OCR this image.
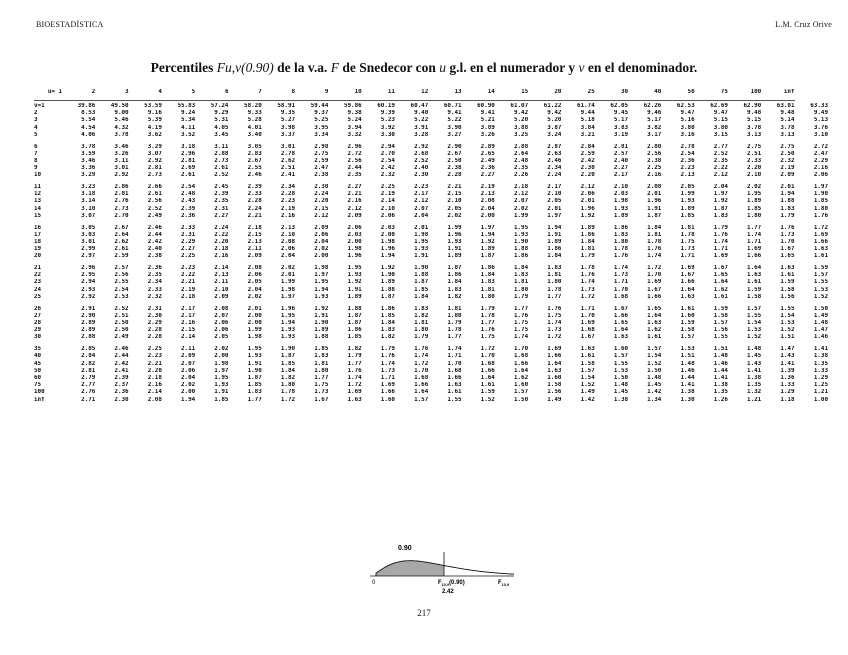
BIOESTADÍSTICA	L.M. Cruz Orive
Percentiles Fu,v(0.90) de la v.a. F de Snedecor con u g.l. en el numerador y v en el denominador.
u= 1	2	3	4	5	6	7	8	9	10	11	12	13	14	15	20	25	30	40	50	75	100	inf	

v=1	39.86	49.50	53.59	55.83	57.24	58.20	58.91	59.44	59.86	60.19	60.47	60.71	60.90	61.07	61.22	61.74	62.05	62.26	62.53	62.69	62.90	63.01	63.33
2	8.53	9.00	9.16	9.24	9.29	9.33	9.35	9.37	9.38	9.39	9.40	9.41	9.41	9.42	9.42	9.44	9.45	9.46	9.47	9.47	9.48	9.48	9.49
3	5.54	5.46	5.39	5.34	5.31	5.28	5.27	5.25	5.24	5.23	5.22	5.22	5.21	5.20	5.20	5.18	5.17	5.17	5.16	5.15	5.15	5.14	5.13
4	4.54	4.32	4.19	4.11	4.05	4.01	3.98	3.95	3.94	3.92	3.91	3.90	3.89	3.88	3.87	3.84	3.83	3.82	3.80	3.80	3.78	3.78	3.76
5	4.06	3.78	3.62	3.52	3.45	3.40	3.37	3.34	3.32	3.30	3.28	3.27	3.26	3.25	3.24	3.21	3.19	3.17	3.16	3.15	3.13	3.13	3.10

6	3.78	3.46	3.29	3.18	3.11	3.05	3.01	2.98	2.96	2.94	2.92	2.90	2.89	2.88	2.87	2.84	2.81	2.80	2.78	2.77	2.75	2.75	2.72
7	3.59	3.26	3.07	2.96	2.88	2.83	2.78	2.75	2.72	2.70	2.68	2.67	2.65	2.64	2.63	2.59	2.57	2.56	2.54	2.52	2.51	2.50	2.47
8	3.46	3.11	2.92	2.81	2.73	2.67	2.62	2.59	2.56	2.54	2.52	2.50	2.49	2.48	2.46	2.42	2.40	2.38	2.36	2.35	2.33	2.32	2.29
9	3.36	3.01	2.81	2.69	2.61	2.55	2.51	2.47	2.44	2.42	2.40	2.38	2.36	2.35	2.34	2.30	2.27	2.25	2.23	2.22	2.20	2.19	2.16
10	3.29	2.92	2.73	2.61	2.52	2.46	2.41	2.38	2.35	2.32	2.30	2.28	2.27	2.26	2.24	2.20	2.17	2.16	2.13	2.12	2.10	2.09	2.06

11	3.23	2.86	2.66	2.54	2.45	2.39	2.34	2.30	2.27	2.25	2.23	2.21	2.19	2.18	2.17	2.12	2.10	2.08	2.05	2.04	2.02	2.01	1.97
12	3.18	2.81	2.61	2.48	2.39	2.33	2.28	2.24	2.21	2.19	2.17	2.15	2.13	2.12	2.10	2.06	2.03	2.01	1.99	1.97	1.95	1.94	1.90
13	3.14	2.76	2.56	2.43	2.35	2.28	2.23	2.20	2.16	2.14	2.12	2.10	2.08	2.07	2.05	2.01	1.98	1.96	1.93	1.92	1.89	1.88	1.85
14	3.10	2.73	2.52	2.39	2.31	2.24	2.19	2.15	2.12	2.10	2.07	2.05	2.04	2.02	2.01	1.96	1.93	1.91	1.89	1.87	1.85	1.83	1.80
15	3.07	2.70	2.49	2.36	2.27	2.21	2.16	2.12	2.09	2.06	2.04	2.02	2.00	1.99	1.97	1.92	1.89	1.87	1.85	1.83	1.80	1.79	1.76

16	3.05	2.67	2.46	2.33	2.24	2.18	2.13	2.09	2.06	2.03	2.01	1.99	1.97	1.95	1.94	1.89	1.86	1.84	1.81	1.79	1.77	1.76	1.72
17	3.03	2.64	2.44	2.31	2.22	2.15	2.10	2.06	2.03	2.00	1.98	1.96	1.94	1.93	1.91	1.86	1.83	1.81	1.78	1.76	1.74	1.73	1.69
18	3.01	2.62	2.42	2.29	2.20	2.13	2.08	2.04	2.00	1.98	1.95	1.93	1.92	1.90	1.89	1.84	1.80	1.78	1.75	1.74	1.71	1.70	1.66
19	2.99	2.61	2.40	2.27	2.18	2.11	2.06	2.02	1.98	1.96	1.93	1.91	1.89	1.88	1.86	1.81	1.78	1.76	1.73	1.71	1.69	1.67	1.63
20	2.97	2.59	2.38	2.25	2.16	2.09	2.04	2.00	1.96	1.94	1.91	1.89	1.87	1.86	1.84	1.79	1.76	1.74	1.71	1.69	1.66	1.65	1.61

21	2.96	2.57	2.36	2.23	2.14	2.08	2.02	1.98	1.95	1.92	1.90	1.87	1.86	1.84	1.83	1.78	1.74	1.72	1.69	1.67	1.64	1.63	1.59
22	2.95	2.56	2.35	2.22	2.13	2.06	2.01	1.97	1.93	1.90	1.88	1.86	1.84	1.83	1.81	1.76	1.73	1.70	1.67	1.65	1.63	1.61	1.57
23	2.94	2.55	2.34	2.21	2.11	2.05	1.99	1.95	1.92	1.89	1.87	1.84	1.83	1.81	1.80	1.74	1.71	1.69	1.66	1.64	1.61	1.59	1.55
24	2.93	2.54	2.33	2.19	2.10	2.04	1.98	1.94	1.91	1.88	1.85	1.83	1.81	1.80	1.78	1.73	1.70	1.67	1.64	1.62	1.59	1.58	1.53
25	2.92	2.53	2.32	2.18	2.09	2.02	1.97	1.93	1.89	1.87	1.84	1.82	1.80	1.79	1.77	1.72	1.68	1.66	1.63	1.61	1.58	1.56	1.52

26	2.91	2.52	2.31	2.17	2.08	2.01	1.96	1.92	1.88	1.86	1.83	1.81	1.79	1.77	1.76	1.71	1.67	1.65	1.61	1.59	1.57	1.55	1.50
27	2.90	2.51	2.30	2.17	2.07	2.00	1.95	1.91	1.87	1.85	1.82	1.80	1.78	1.76	1.75	1.70	1.66	1.64	1.60	1.58	1.55	1.54	1.49
28	2.89	2.50	2.29	2.16	2.06	2.00	1.94	1.90	1.87	1.84	1.81	1.79	1.77	1.75	1.74	1.69	1.65	1.63	1.59	1.57	1.54	1.53	1.48
29	2.89	2.50	2.28	2.15	2.06	1.99	1.93	1.89	1.86	1.83	1.80	1.78	1.76	1.75	1.73	1.68	1.64	1.62	1.58	1.56	1.53	1.52	1.47
30	2.88	2.49	2.28	2.14	2.05	1.98	1.93	1.88	1.85	1.82	1.79	1.77	1.75	1.74	1.72	1.67	1.63	1.61	1.57	1.55	1.52	1.51	1.46

35	2.85	2.46	2.25	2.11	2.02	1.95	1.90	1.85	1.82	1.79	1.76	1.74	1.72	1.70	1.69	1.63	1.60	1.57	1.53	1.51	1.48	1.47	1.41
40	2.84	2.44	2.23	2.09	2.00	1.93	1.87	1.83	1.79	1.76	1.74	1.71	1.70	1.68	1.66	1.61	1.57	1.54	1.51	1.48	1.45	1.43	1.38
45	2.82	2.42	2.21	2.07	1.98	1.91	1.85	1.81	1.77	1.74	1.72	1.70	1.68	1.66	1.64	1.58	1.55	1.52	1.48	1.46	1.43	1.41	1.35
50	2.81	2.41	2.20	2.06	1.97	1.90	1.84	1.80	1.76	1.73	1.70	1.68	1.66	1.64	1.63	1.57	1.53	1.50	1.46	1.44	1.41	1.39	1.33
60	2.79	2.39	2.18	2.04	1.95	1.87	1.82	1.77	1.74	1.71	1.68	1.66	1.64	1.62	1.60	1.54	1.50	1.48	1.44	1.41	1.38	1.36	1.29
75	2.77	2.37	2.16	2.02	1.93	1.85	1.80	1.75	1.72	1.69	1.66	1.63	1.61	1.60	1.58	1.52	1.48	1.45	1.41	1.38	1.35	1.33	1.25
100	2.76	2.36	2.14	2.00	1.91	1.83	1.78	1.73	1.69	1.66	1.64	1.61	1.59	1.57	1.56	1.49	1.45	1.42	1.38	1.35	1.32	1.29	1.21
inf	2.71	2.30	2.08	1.94	1.85	1.77	1.72	1.67	1.63	1.60	1.57	1.55	1.52	1.50	1.49	1.42	1.38	1.34	1.30	1.26	1.21	1.18	1.00
0.90
0	$F_{10,9}(0.90)$
2.42
$F_{10,9}$
217
